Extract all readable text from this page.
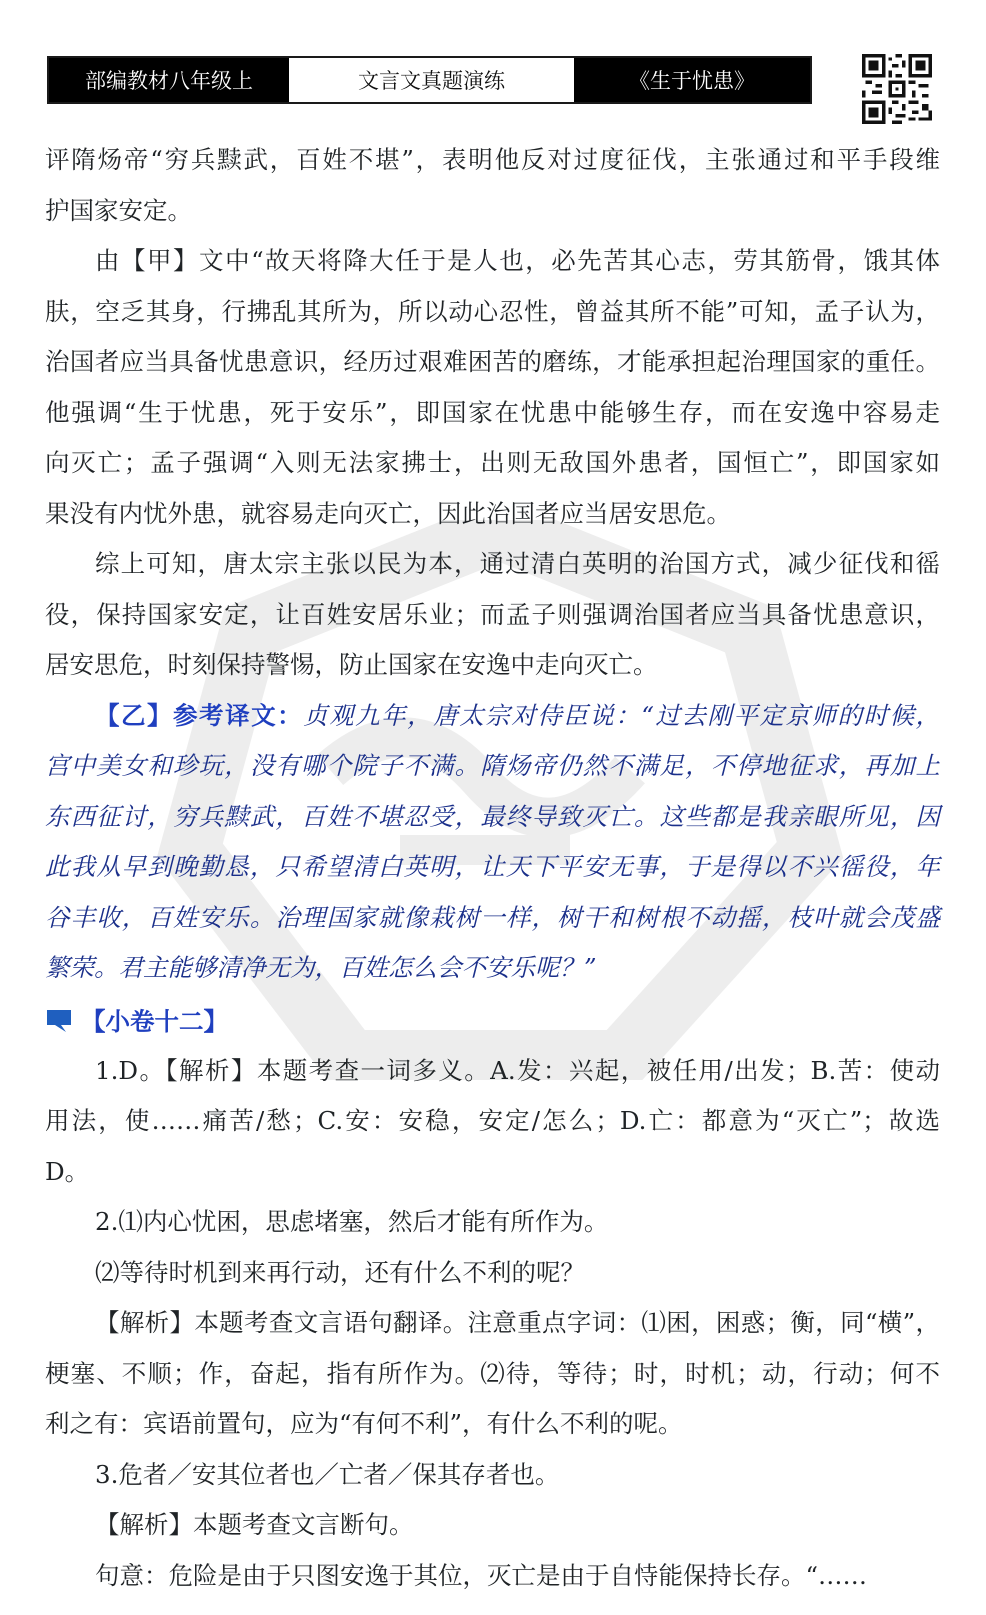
部编教材八年级上	文言文真题演练	《生于忧患》
评隋炀帝“穷兵黩武，百姓不堪”，表明他反对过度征伐，主张通过和平手段维
护国家安定。
由【甲】文中“故天将降大任于是人也，必先苦其心志，劳其筋骨，饿其体
肤，空乏其身，行拂乱其所为，所以动心忍性，曾益其所不能”可知，孟子认为，
治国者应当具备忧患意识，经历过艰难困苦的磨练，才能承担起治理国家的重任。
他强调“生于忧患，死于安乐”，即国家在忧患中能够生存，而在安逸中容易走
向灭亡；孟子强调“入则无法家拂士，出则无敌国外患者，国恒亡”，即国家如
果没有内忧外患，就容易走向灭亡，因此治国者应当居安思危。
综上可知，唐太宗主张以民为本，通过清白英明的治国方式，减少征伐和徭
役，保持国家安定，让百姓安居乐业；而孟子则强调治国者应当具备忧患意识，
居安思危，时刻保持警惕，防止国家在安逸中走向灭亡。
【乙】参考译文：贞观九年，唐太宗对侍臣说：“过去刚平定京师的时候，
宫中美女和珍玩，没有哪个院子不满。隋炀帝仍然不满足，不停地征求，再加上
东西征讨，穷兵黩武，百姓不堪忍受，最终导致灭亡。这些都是我亲眼所见，因
此我从早到晚勤恳，只希望清白英明，让天下平安无事，于是得以不兴徭役，年
谷丰收，百姓安乐。治理国家就像栽树一样，树干和树根不动摇，枝叶就会茂盛
繁荣。君主能够清净无为，百姓怎么会不安乐呢？”
【小卷十二】
1.D。【解析】本题考查一词多义。A.发：兴起，被任用/出发；B.苦：使动
用法，使……痛苦/愁；C.安：安稳，安定/怎么；D.亡：都意为“灭亡”；故选
D。
2.⑴内心忧困，思虑堵塞，然后才能有所作为。
⑵等待时机到来再行动，还有什么不利的呢？
【解析】本题考查文言语句翻译。注意重点字词：⑴困，困惑；衡，同“横”，
梗塞、不顺；作，奋起，指有所作为。⑵待，等待；时，时机；动，行动；何不
利之有：宾语前置句，应为“有何不利”，有什么不利的呢。
3.危者／安其位者也／亡者／保其存者也。
【解析】本题考查文言断句。
句意：危险是由于只图安逸于其位，灭亡是由于自恃能保持长存。“……
